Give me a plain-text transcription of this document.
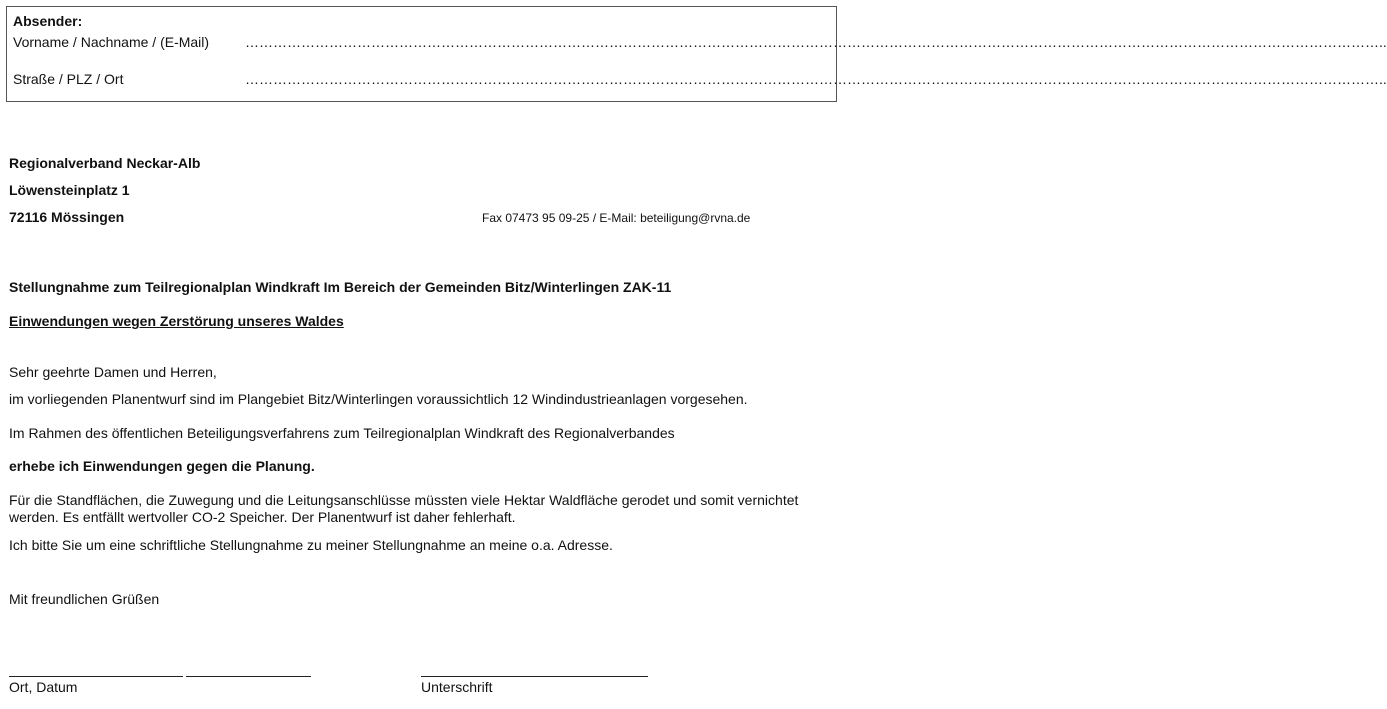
Absender:
Vorname / Nachname / (E-Mail)	………………………………………………………………………………………………………………………………………………………………………………………………………………………..
Straße / PLZ / Ort	………………………………………………………………………………………………………………………………………………………………………………………………………………………..
Regionalverband Neckar-Alb
Löwensteinplatz 1
72116 Mössingen	Fax 07473 95 09-25 / E-Mail: beteiligung@rvna.de
Stellungnahme zum Teilregionalplan Windkraft Im Bereich der Gemeinden Bitz/Winterlingen ZAK-11
Einwendungen wegen Zerstörung unseres Waldes
Sehr geehrte Damen und Herren,
im vorliegenden Planentwurf sind im Plangebiet Bitz/Winterlingen voraussichtlich 12 Windindustrieanlagen vorgesehen.
Im Rahmen des öffentlichen Beteiligungsverfahrens zum Teilregionalplan Windkraft des Regionalverbandes
erhebe ich Einwendungen gegen die Planung.
Für die Standflächen, die Zuwegung und die Leitungsanschlüsse müssten viele Hektar Waldfläche gerodet und somit vernichtet werden. Es entfällt wertvoller CO-2 Speicher. Der Planentwurf ist daher fehlerhaft.
Ich bitte Sie um eine schriftliche Stellungnahme zu meiner Stellungnahme an meine o.a. Adresse.
Mit freundlichen Grüßen
Ort, Datum	Unterschrift
